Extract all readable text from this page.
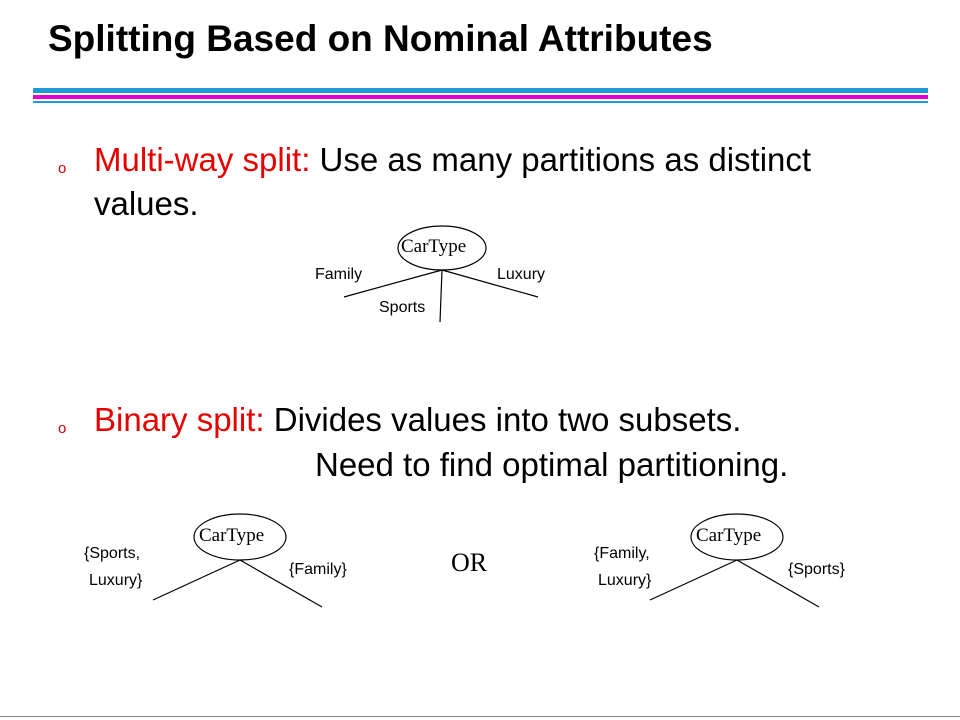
Splitting Based on Nominal Attributes
o Multi-way split: Use as many partitions as distinct
values.
CarType
Family
Sports
Luxury
o Binary split: Divides values into two subsets.
Need to find optimal partitioning.
CarType
{Sports,
Luxury}
{Family}	OR
CarType
{Family,
Luxury}
{Sports}
